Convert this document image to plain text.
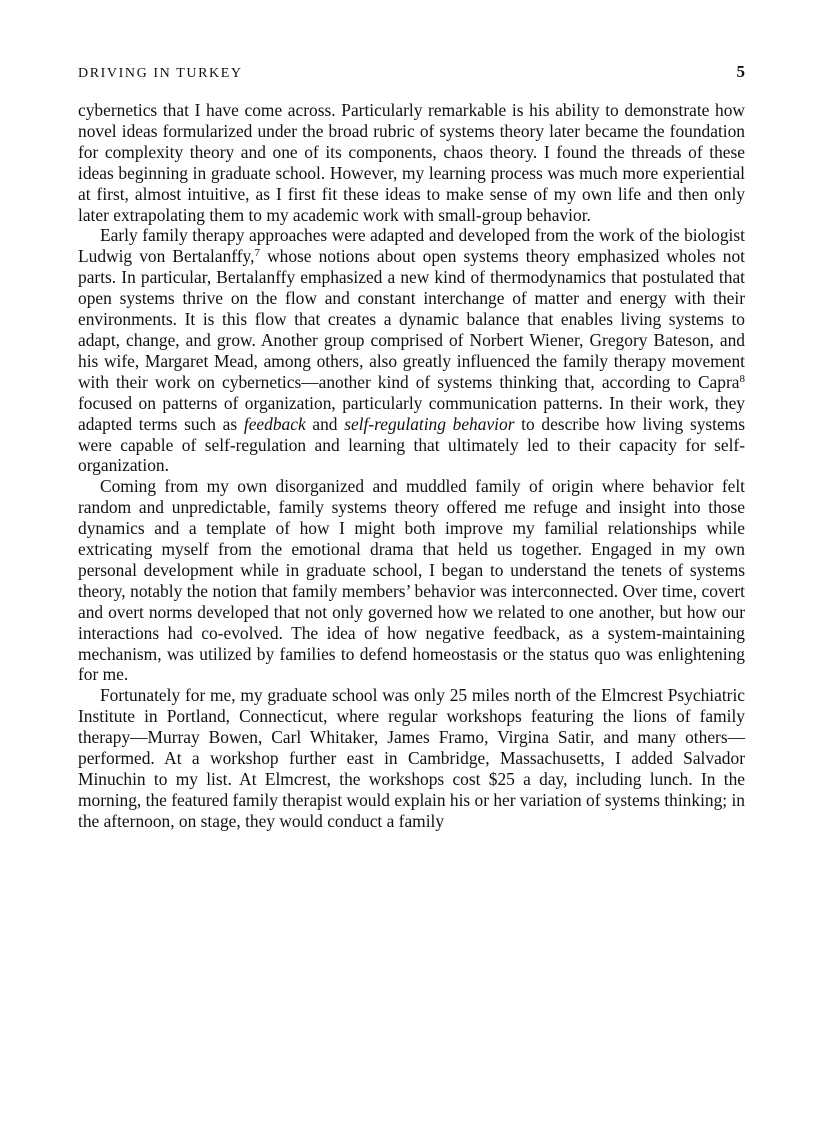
DRIVING IN TURKEY	5

cybernetics that I have come across. Particularly remarkable is his ability to demonstrate how novel ideas formularized under the broad rubric of systems theory later became the foundation for complexity theory and one of its components, chaos theory. I found the threads of these ideas beginning in graduate school. However, my learning process was much more experiential at first, almost intuitive, as I first fit these ideas to make sense of my own life and then only later extrapolating them to my academic work with small-group behavior.

Early family therapy approaches were adapted and developed from the work of the biologist Ludwig von Bertalanffy,$^7$ whose notions about open systems theory emphasized wholes not parts. In particular, Bertalanffy emphasized a new kind of thermodynamics that postulated that open systems thrive on the flow and constant interchange of matter and energy with their environments. It is this flow that creates a dynamic balance that enables living systems to adapt, change, and grow. Another group comprised of Norbert Wiener, Gregory Bateson, and his wife, Margaret Mead, among others, also greatly influenced the family therapy movement with their work on cybernetics—another kind of systems thinking that, according to Capra$^8$ focused on patterns of organization, particularly communication patterns. In their work, they adapted terms such as feedback and self-regulating behavior to describe how living systems were capable of self-regulation and learning that ultimately led to their capacity for self-organization.

Coming from my own disorganized and muddled family of origin where behavior felt random and unpredictable, family systems theory offered me refuge and insight into those dynamics and a template of how I might both improve my familial relationships while extricating myself from the emotional drama that held us together. Engaged in my own personal development while in graduate school, I began to understand the tenets of systems theory, notably the notion that family members’ behavior was interconnected. Over time, covert and overt norms developed that not only governed how we related to one another, but how our interactions had co-evolved. The idea of how negative feedback, as a system-maintaining mechanism, was utilized by families to defend homeostasis or the status quo was enlightening for me.

Fortunately for me, my graduate school was only 25 miles north of the Elmcrest Psychiatric Institute in Portland, Connecticut, where regular workshops featuring the lions of family therapy—Murray Bowen, Carl Whitaker, James Framo, Virgina Satir, and many others—performed. At a workshop further east in Cambridge, Massachusetts, I added Salvador Minuchin to my list. At Elmcrest, the workshops cost $25 a day, including lunch. In the morning, the featured family therapist would explain his or her variation of systems thinking; in the afternoon, on stage, they would conduct a family
